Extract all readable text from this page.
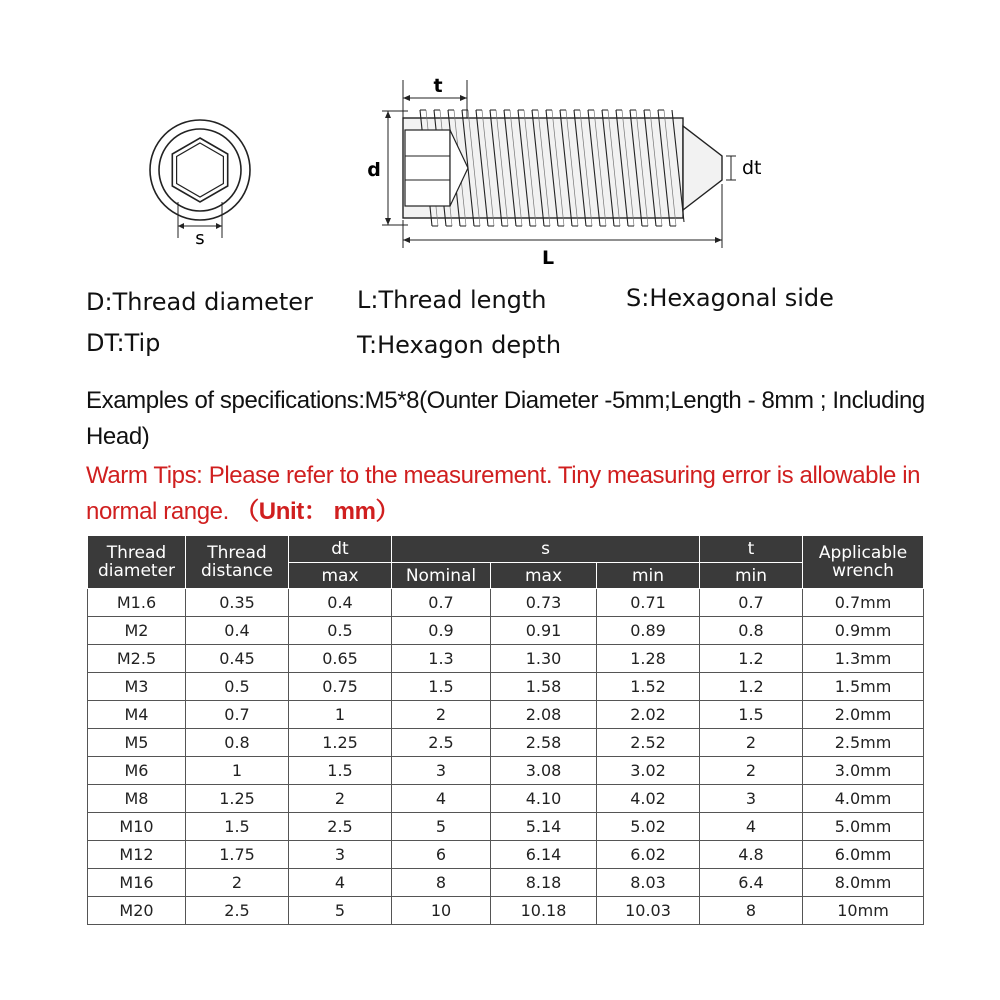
s
t
d	dt
L
D:Thread diameter L:Thread length	S:Hexagonal side
DT:Tip	T:Hexagon depth
Examples of specifications:M5*8(Ounter Diameter -5mm;Length - 8mm ; Including Head)
Warm Tips: Please refer to the measurement. Tiny measuring error is allowable in normal range. （Unit： mm）
Thread diameter	Thread distance	dt	s			t	Applicable wrench
		max	Nominal	max	min	min	
M1.6	0.35	0.4	0.7	0.73	0.71	0.7	0.7mm
M2	0.4	0.5	0.9	0.91	0.89	0.8	0.9mm
M2.5	0.45	0.65	1.3	1.30	1.28	1.2	1.3mm
M3	0.5	0.75	1.5	1.58	1.52	1.2	1.5mm
M4	0.7	1	2	2.08	2.02	1.5	2.0mm
M5	0.8	1.25	2.5	2.58	2.52	2	2.5mm
M6	1	1.5	3	3.08	3.02	2	3.0mm
M8	1.25	2	4	4.10	4.02	3	4.0mm
M10	1.5	2.5	5	5.14	5.02	4	5.0mm
M12	1.75	3	6	6.14	6.02	4.8	6.0mm
M16	2	4	8	8.18	8.03	6.4	8.0mm
M20	2.5	5	10	10.18	10.03	8	10mm
